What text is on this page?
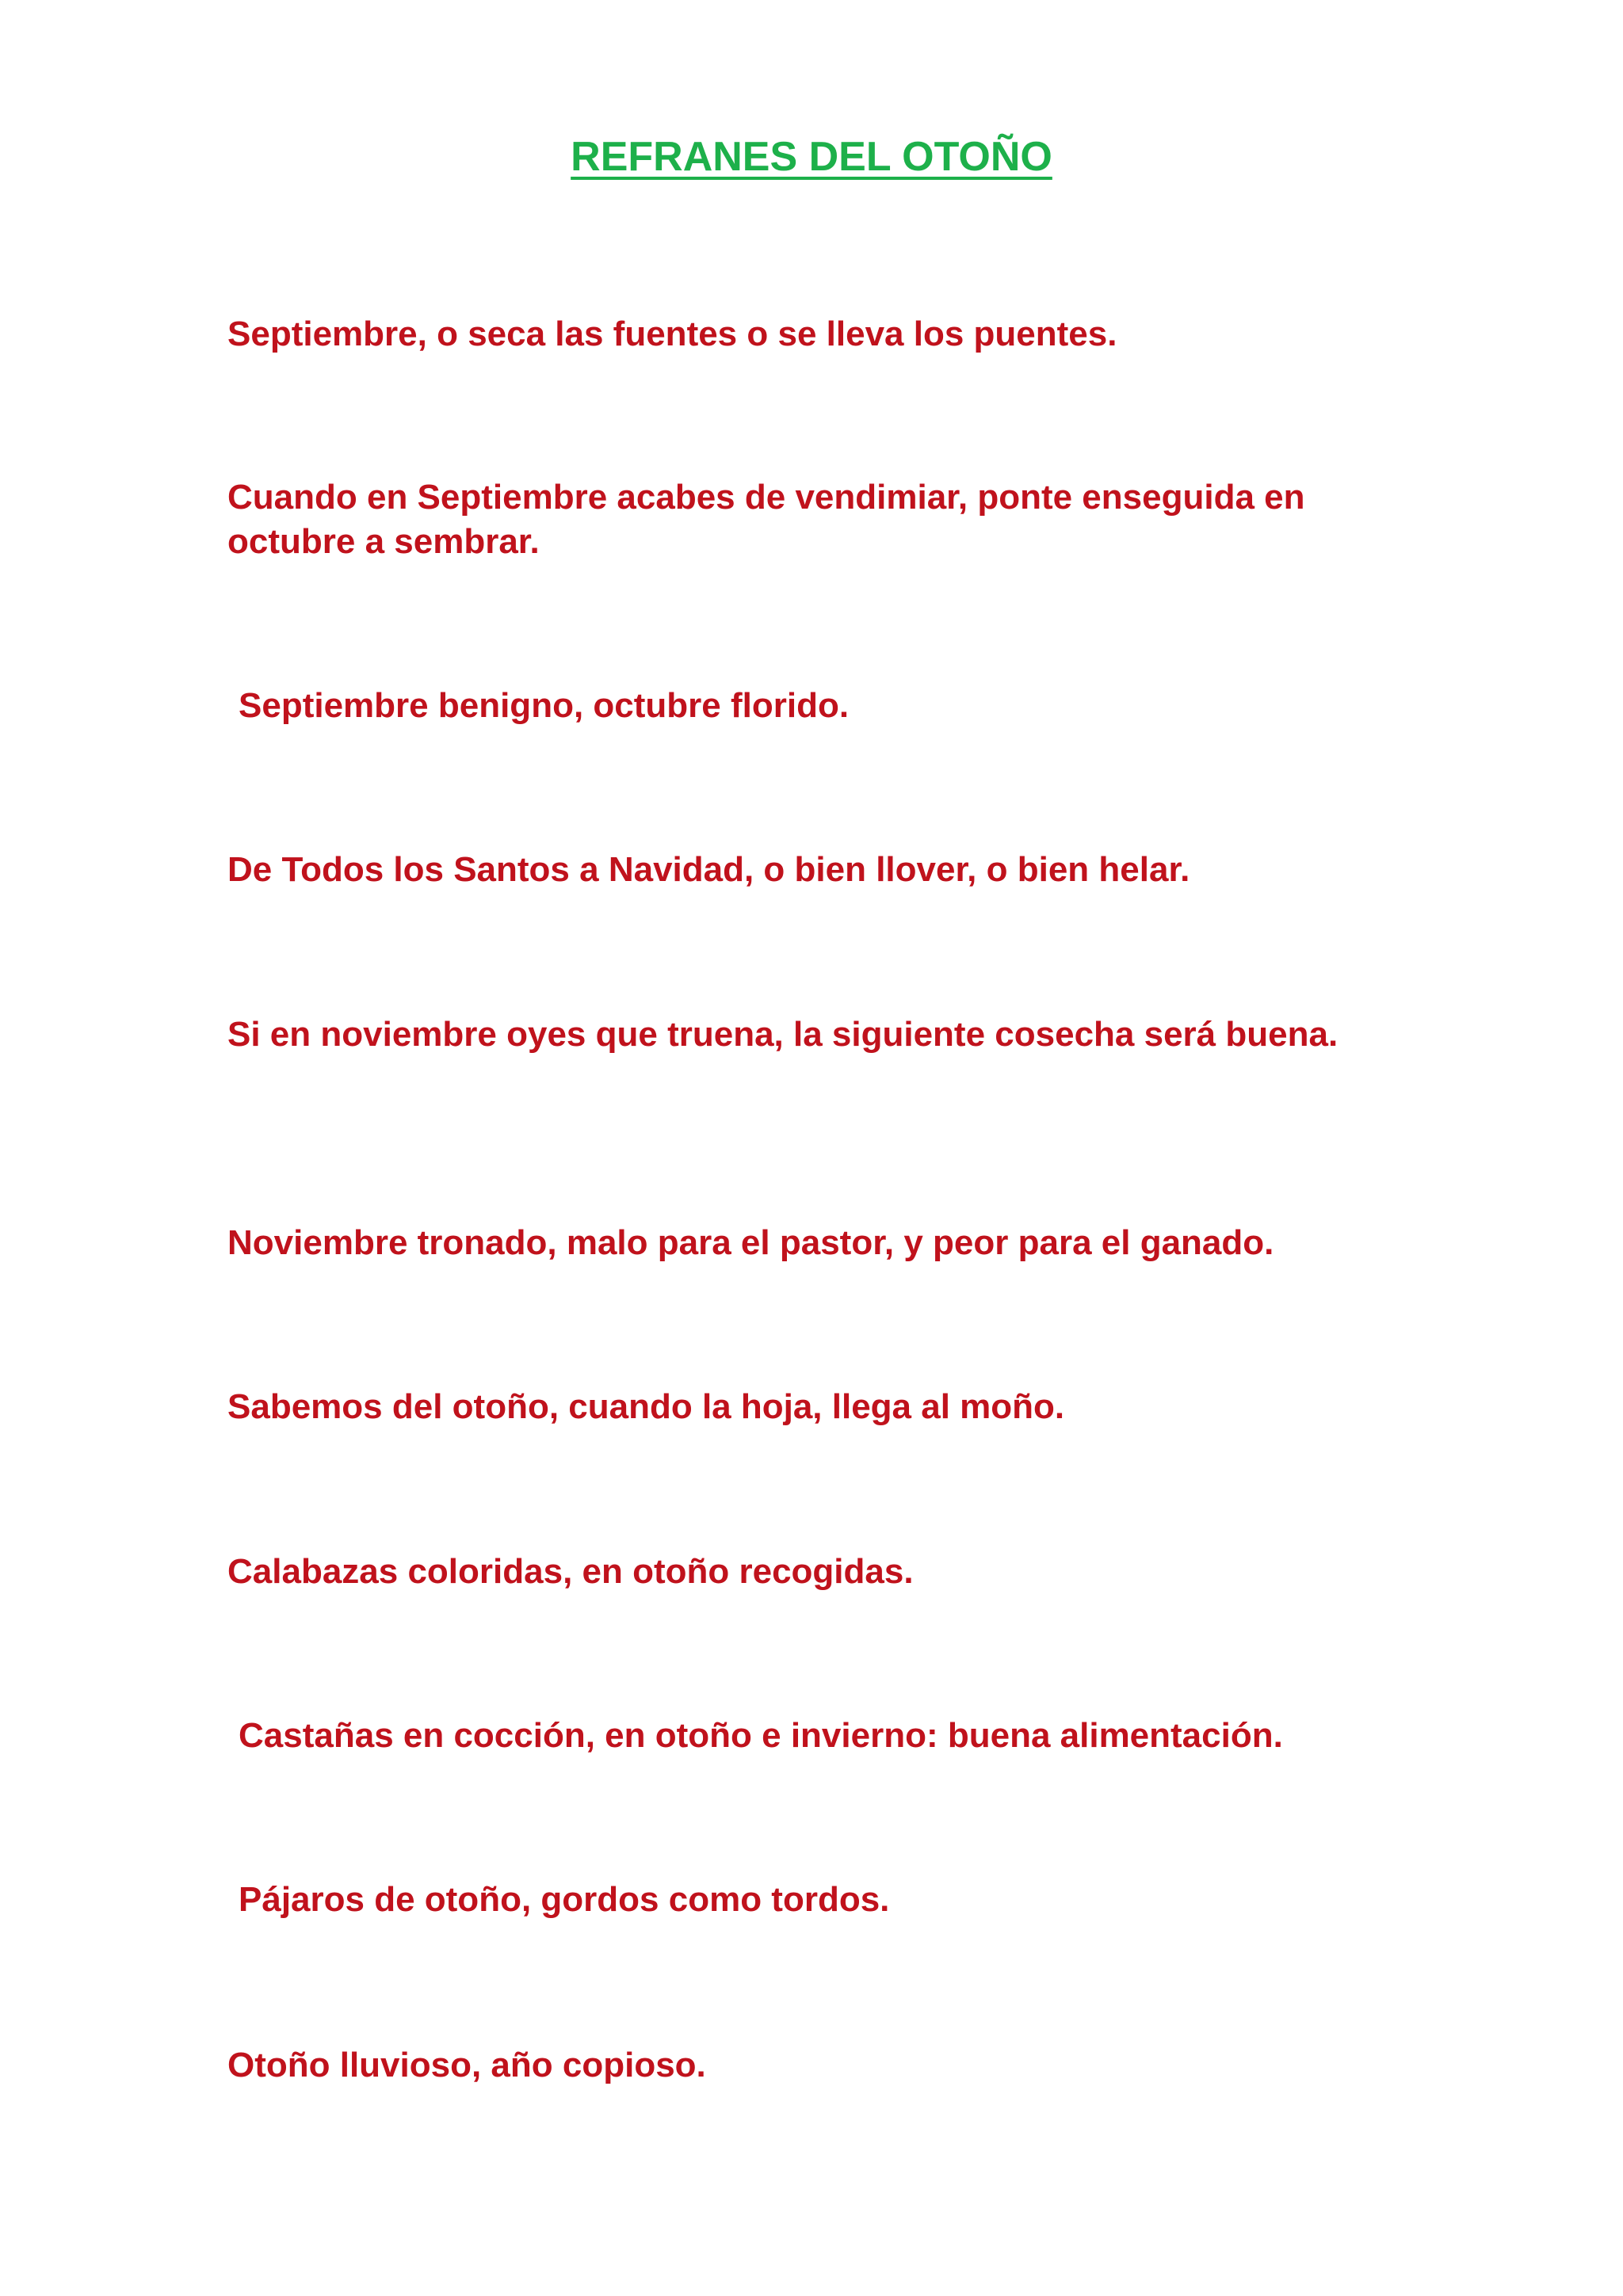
REFRANES DEL OTOÑO

Septiembre, o seca las fuentes o se lleva los puentes.

Cuando en Septiembre acabes de vendimiar, ponte enseguida en octubre a sembrar.

Septiembre benigno, octubre florido.

De Todos los Santos a Navidad, o bien llover, o bien helar.

Si en noviembre oyes que truena, la siguiente cosecha será buena.

Noviembre tronado, malo para el pastor, y peor para el ganado.

Sabemos del otoño, cuando la hoja, llega al moño.

Calabazas coloridas, en otoño recogidas.

Castañas en cocción, en otoño e invierno: buena alimentación.

Pájaros de otoño, gordos como tordos.

Otoño lluvioso, año copioso.
